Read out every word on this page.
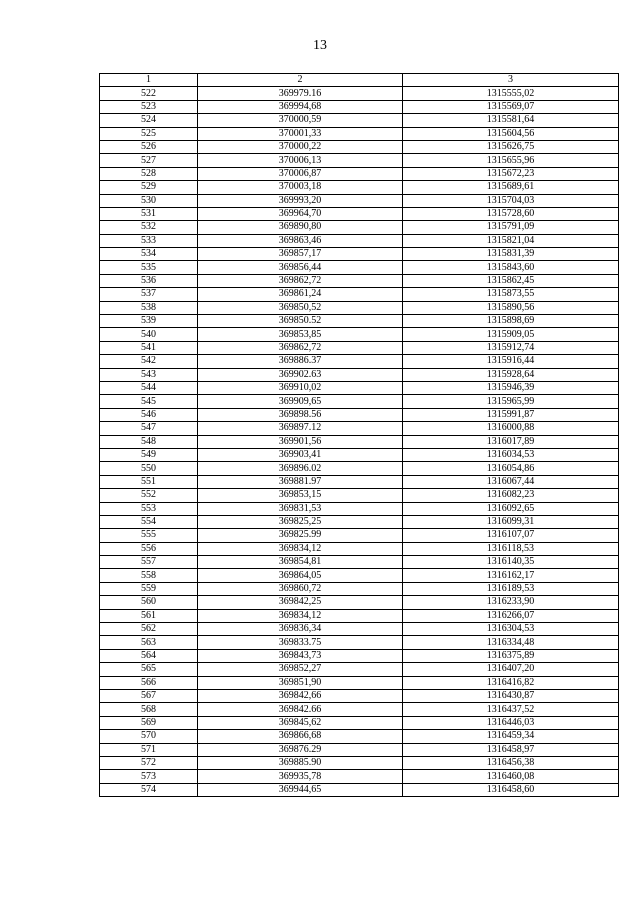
13
1	2	3
522	369979.16	1315555,02
523	369994,68	1315569,07
524	370000,59	1315581,64
525	370001,33	1315604,56
526	370000,22	1315626,75
527	370006,13	1315655,96
528	370006,87	1315672,23
529	370003,18	1315689,61
530	369993,20	1315704,03
531	369964,70	1315728,60
532	369890,80	1315791,09
533	369863,46	1315821,04
534	369857,17	1315831,39
535	369856,44	1315843,60
536	369862,72	1315862,45
537	369861,24	1315873,55
538	369850,52	1315890,56
539	369850.52	1315898,69
540	369853,85	1315909,05
541	369862,72	1315912,74
542	369886.37	1315916,44
543	369902.63	1315928,64
544	369910,02	1315946,39
545	369909,65	1315965,99
546	369898.56	1315991,87
547	369897.12	1316000,88
548	369901,56	1316017,89
549	369903,41	1316034,53
550	369896.02	1316054,86
551	369881.97	1316067,44
552	369853,15	1316082,23
553	369831,53	1316092,65
554	369825,25	1316099,31
555	369825.99	1316107,07
556	369834,12	1316118,53
557	369854,81	1316140,35
558	369864,05	1316162,17
559	369860,72	1316189,53
560	369842,25	1316233,90
561	369834,12	1316266,07
562	369836,34	1316304,53
563	369833.75	1316334,48
564	369843,73	1316375,89
565	369852,27	1316407,20
566	369851,90	1316416,82
567	369842,66	1316430,87
568	369842.66	1316437,52
569	369845,62	1316446,03
570	369866,68	1316459,34
571	369876.29	1316458,97
572	369885.90	1316456,38
573	369935,78	1316460,08
574	369944,65	1316458,60
